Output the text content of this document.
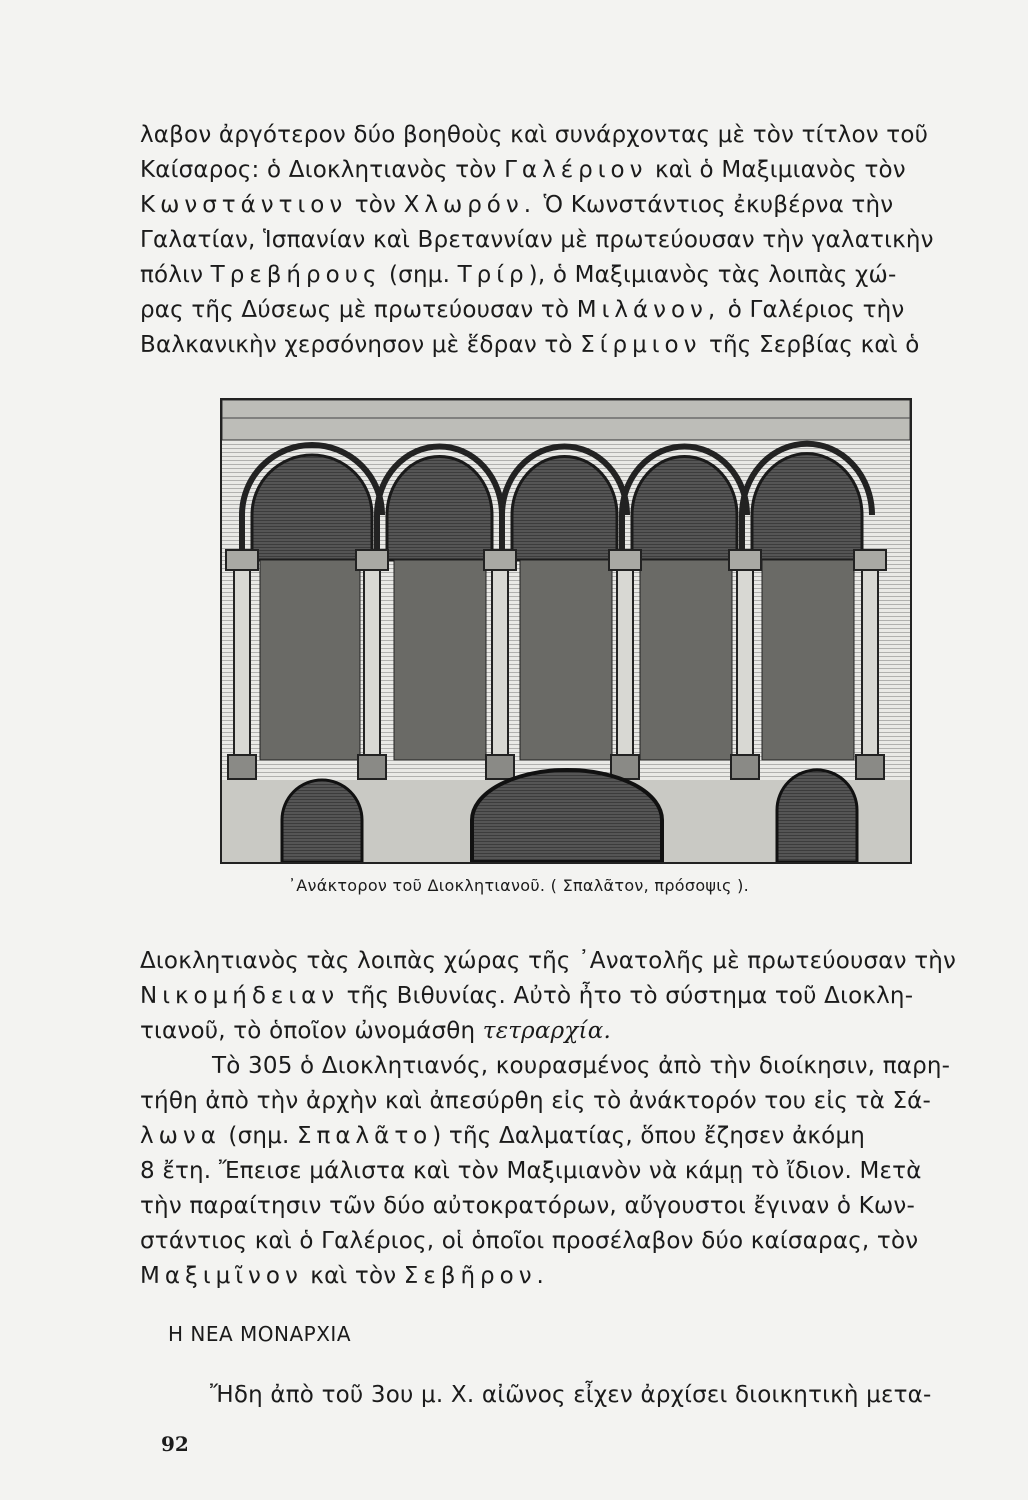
λαβον ἀργότερον δύο βοηθοὺς καὶ συνάρχοντας μὲ τὸν τίτλον τοῦ
Καίσαρος: ὁ Διοκλητιανὸς τὸν Γαλέριον καὶ ὁ Μαξιμιανὸς τὸν
Κωνστάντιον τὸν Χλωρόν. Ὁ Κωνστάντιος ἐκυβέρνα τὴν
Γαλατίαν, Ἱσπανίαν καὶ Βρεταννίαν μὲ πρωτεύουσαν τὴν γαλατικὴν
πόλιν Τρεβήρους (σημ. Τρίρ), ὁ Μαξιμιανὸς τὰς λοιπὰς χώ-
ρας τῆς Δύσεως μὲ πρωτεύουσαν τὸ Μιλάνον, ὁ Γαλέριος τὴν
Βαλκανικὴν χερσόνησον μὲ ἕδραν τὸ Σίρμιον τῆς Σερβίας καὶ ὁ
᾿Ανάκτορον τοῦ Διοκλητιανοῦ. ( Σπαλᾶτον, πρόσοψις ).
Διοκλητιανὸς τὰς λοιπὰς χώρας τῆς ᾿Ανατολῆς μὲ πρωτεύουσαν τὴν
Νικομήδειαν τῆς Βιθυνίας. Αὐτὸ ἦτο τὸ σύστημα τοῦ Διοκλη-
τιανοῦ, τὸ ὁποῖον ὠνομάσθη τετραρχία.
Τὸ 305 ὁ Διοκλητιανός, κουρασμένος ἀπὸ τὴν διοίκησιν, παρη-
τήθη ἀπὸ τὴν ἀρχὴν καὶ ἀπεσύρθη εἰς τὸ ἀνάκτορόν του εἰς τὰ Σά-
λωνα (σημ. Σπαλᾶτο) τῆς Δαλματίας, ὅπου ἔζησεν ἀκόμη
8 ἔτη. Ἔπεισε μάλιστα καὶ τὸν Μαξιμιανὸν νὰ κάμῃ τὸ ἴδιον. Μετὰ
τὴν παραίτησιν τῶν δύο αὐτοκρατόρων, αὔγουστοι ἔγιναν ὁ Κων-
στάντιος καὶ ὁ Γαλέριος, οἱ ὁποῖοι προσέλαβον δύο καίσαρας, τὸν
Μαξιμῖνον καὶ τὸν Σεβῆρον.
Η ΝΕΑ ΜΟΝΑΡΧΙΑ
Ἤδη ἀπὸ τοῦ 3ου μ. Χ. αἰῶνος εἶχεν ἀρχίσει διοικητικὴ μετα-
92
